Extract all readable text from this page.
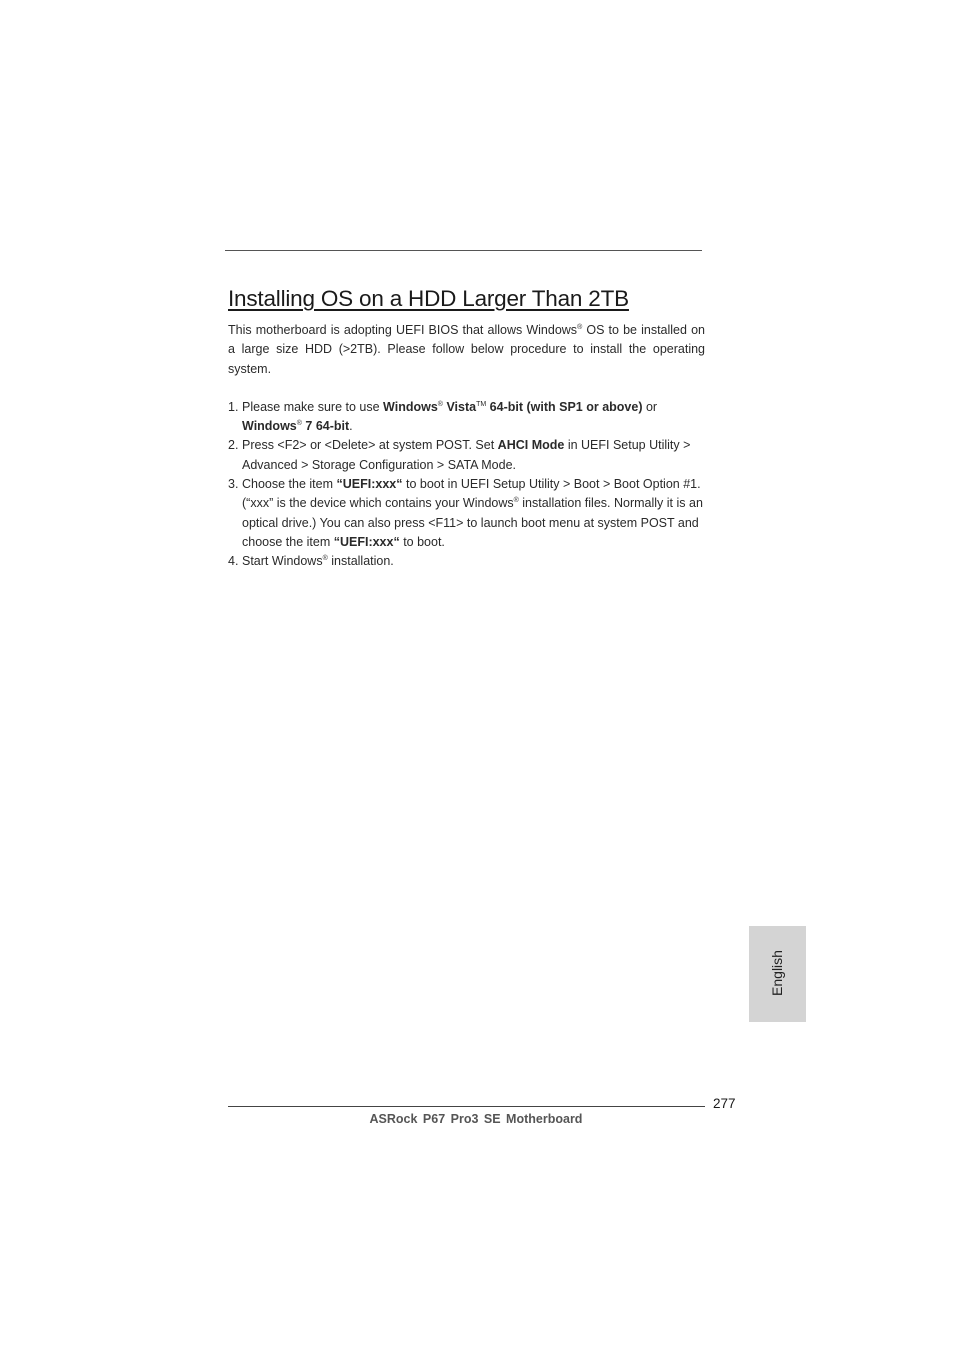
Installing OS on a HDD Larger Than 2TB

This motherboard is adopting UEFI BIOS that allows Windows® OS to be installed on a large size HDD (>2TB). Please follow below procedure to install the operating system.

1. Please make sure to use Windows® Vista™ 64-bit (with SP1 or above) or Windows® 7 64-bit.
2. Press <F2> or <Delete> at system POST. Set AHCI Mode in UEFI Setup Utility > Advanced > Storage Configuration > SATA Mode.
3. Choose the item “UEFI:xxx“ to boot in UEFI Setup Utility > Boot > Boot Option #1. (“xxx” is the device which contains your Windows® installation files. Normally it is an optical drive.) You can also press <F11> to launch boot menu at system POST and choose the item “UEFI:xxx“ to boot.
4. Start Windows® installation.
English
277
ASRock P67 Pro3 SE Motherboard
